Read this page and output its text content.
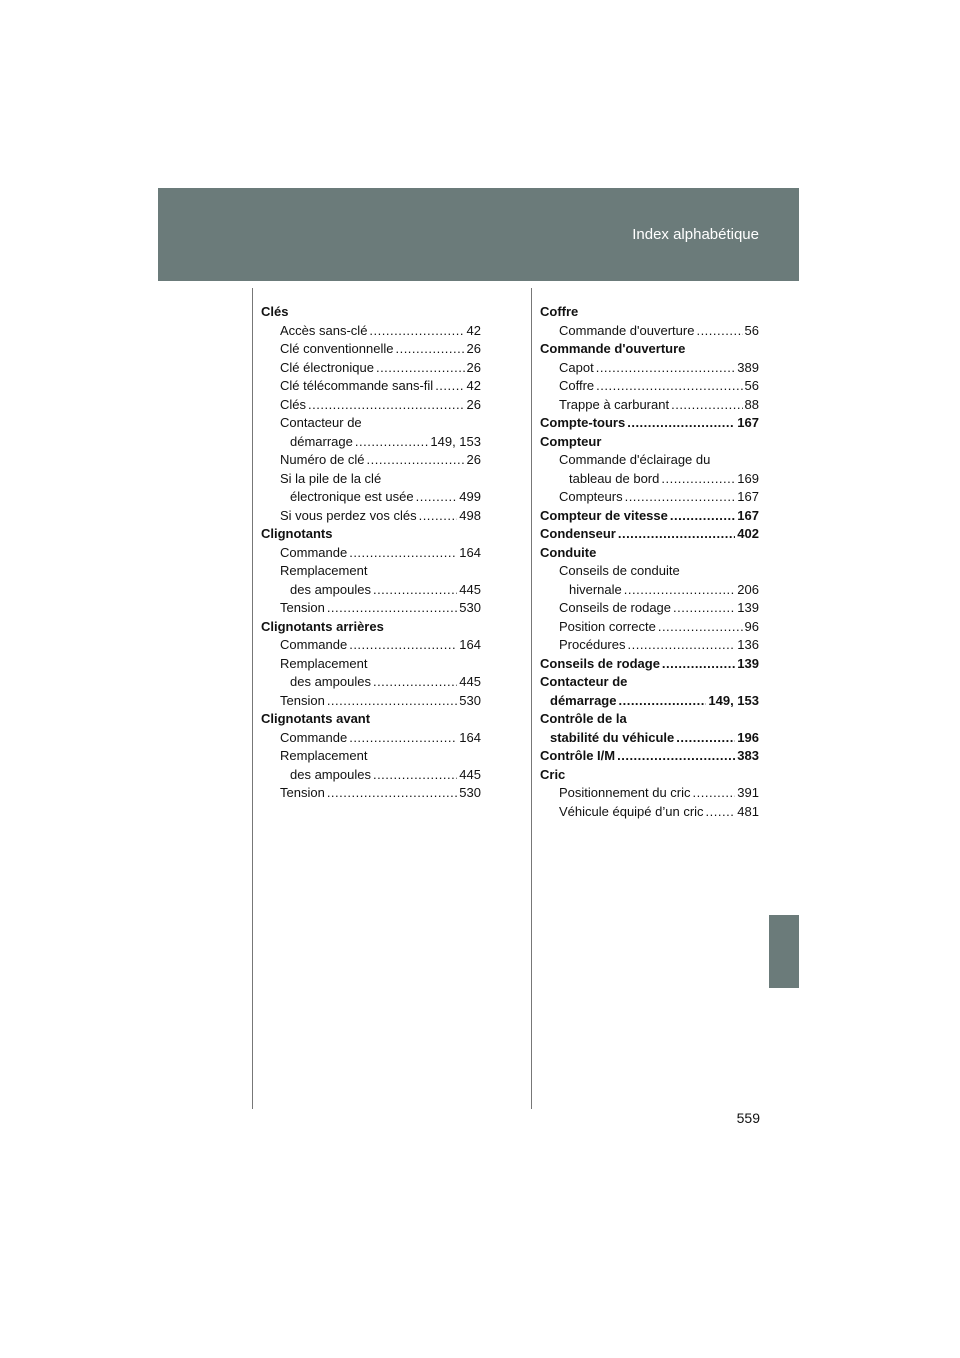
Index alphabétique
Clés
Accès sans-clé .....	42
Clé conventionnelle .....	26
Clé électronique .....	26
Clé télécommande sans-fil .....	42
Clés .....	26
Contacteur de
démarrage .....	149, 153
Numéro de clé .....	26
Si la pile de la clé
électronique est usée .....	499
Si vous perdez vos clés .....	498
Clignotants
Commande .....	164
Remplacement
des ampoules .....	445
Tension .....	530
Clignotants arrières
Commande .....	164
Remplacement
des ampoules .....	445
Tension .....	530
Clignotants avant
Commande .....	164
Remplacement
des ampoules .....	445
Tension .....	530
Coffre
Commande d'ouverture .....	56
Commande d'ouverture
Capot .....	389
Coffre .....	56
Trappe à carburant .....	88
Compte-tours .....	167
Compteur
Commande d'éclairage du
tableau de bord .....	169
Compteurs .....	167
Compteur de vitesse .....	167
Condenseur .....	402
Conduite
Conseils de conduite
hivernale .....	206
Conseils de rodage .....	139
Position correcte .....	96
Procédures .....	136
Conseils de rodage .....	139
Contacteur de
démarrage .....	149, 153
Contrôle de la
stabilité du véhicule .....	196
Contrôle I/M .....	383
Cric
Positionnement du cric .....	391
Véhicule équipé d’un cric .....	481
559
